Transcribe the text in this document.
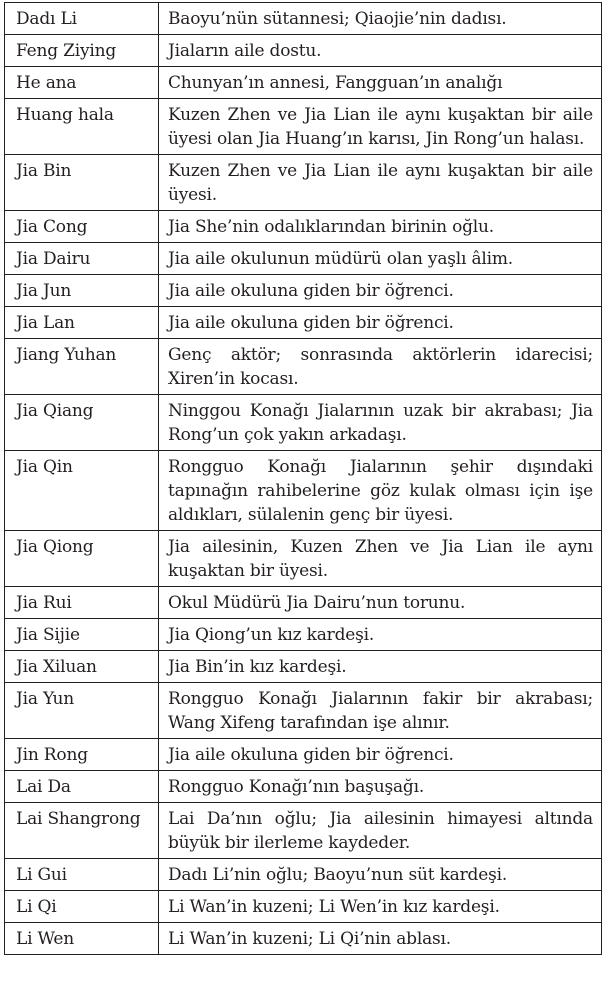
Dadı Li	Baoyu’nün sütannesi; Qiaojie’nin dadısı.
Feng Ziying	Jiaların aile dostu.
He ana	Chunyan’ın annesi, Fangguan’ın analığı
Huang hala	Kuzen Zhen ve Jia Lian ile aynı kuşaktan bir aile üyesi olan Jia Huang’ın karısı, Jin Rong’un halası.
Jia Bin	Kuzen Zhen ve Jia Lian ile aynı kuşaktan bir aile üyesi.
Jia Cong	Jia She’nin odalıklarından birinin oğlu.
Jia Dairu	Jia aile okulunun müdürü olan yaşlı âlim.
Jia Jun	Jia aile okuluna giden bir öğrenci.
Jia Lan	Jia aile okuluna giden bir öğrenci.
Jiang Yuhan	Genç aktör; sonrasında aktörlerin idarecisi; Xiren’in kocası.
Jia Qiang	Ninggou Konağı Jialarının uzak bir akrabası; Jia Rong’un çok yakın arkadaşı.
Jia Qin	Rongguo Konağı Jialarının şehir dışındaki tapınağın rahibelerine göz kulak olması için işe aldıkları, sülalenin genç bir üyesi.
Jia Qiong	Jia ailesinin, Kuzen Zhen ve Jia Lian ile aynı kuşaktan bir üyesi.
Jia Rui	Okul Müdürü Jia Dairu’nun torunu.
Jia Sijie	Jia Qiong’un kız kardeşi.
Jia Xiluan	Jia Bin’in kız kardeşi.
Jia Yun	Rongguo Konağı Jialarının fakir bir akrabası; Wang Xifeng tarafından işe alınır.
Jin Rong	Jia aile okuluna giden bir öğrenci.
Lai Da	Rongguo Konağı’nın başuşağı.
Lai Shangrong	Lai Da’nın oğlu; Jia ailesinin himayesi altında büyük bir ilerleme kaydeder.
Li Gui	Dadı Li’nin oğlu; Baoyu’nun süt kardeşi.
Li Qi	Li Wan’in kuzeni; Li Wen’in kız kardeşi.
Li Wen	Li Wan’in kuzeni; Li Qi’nin ablası.
